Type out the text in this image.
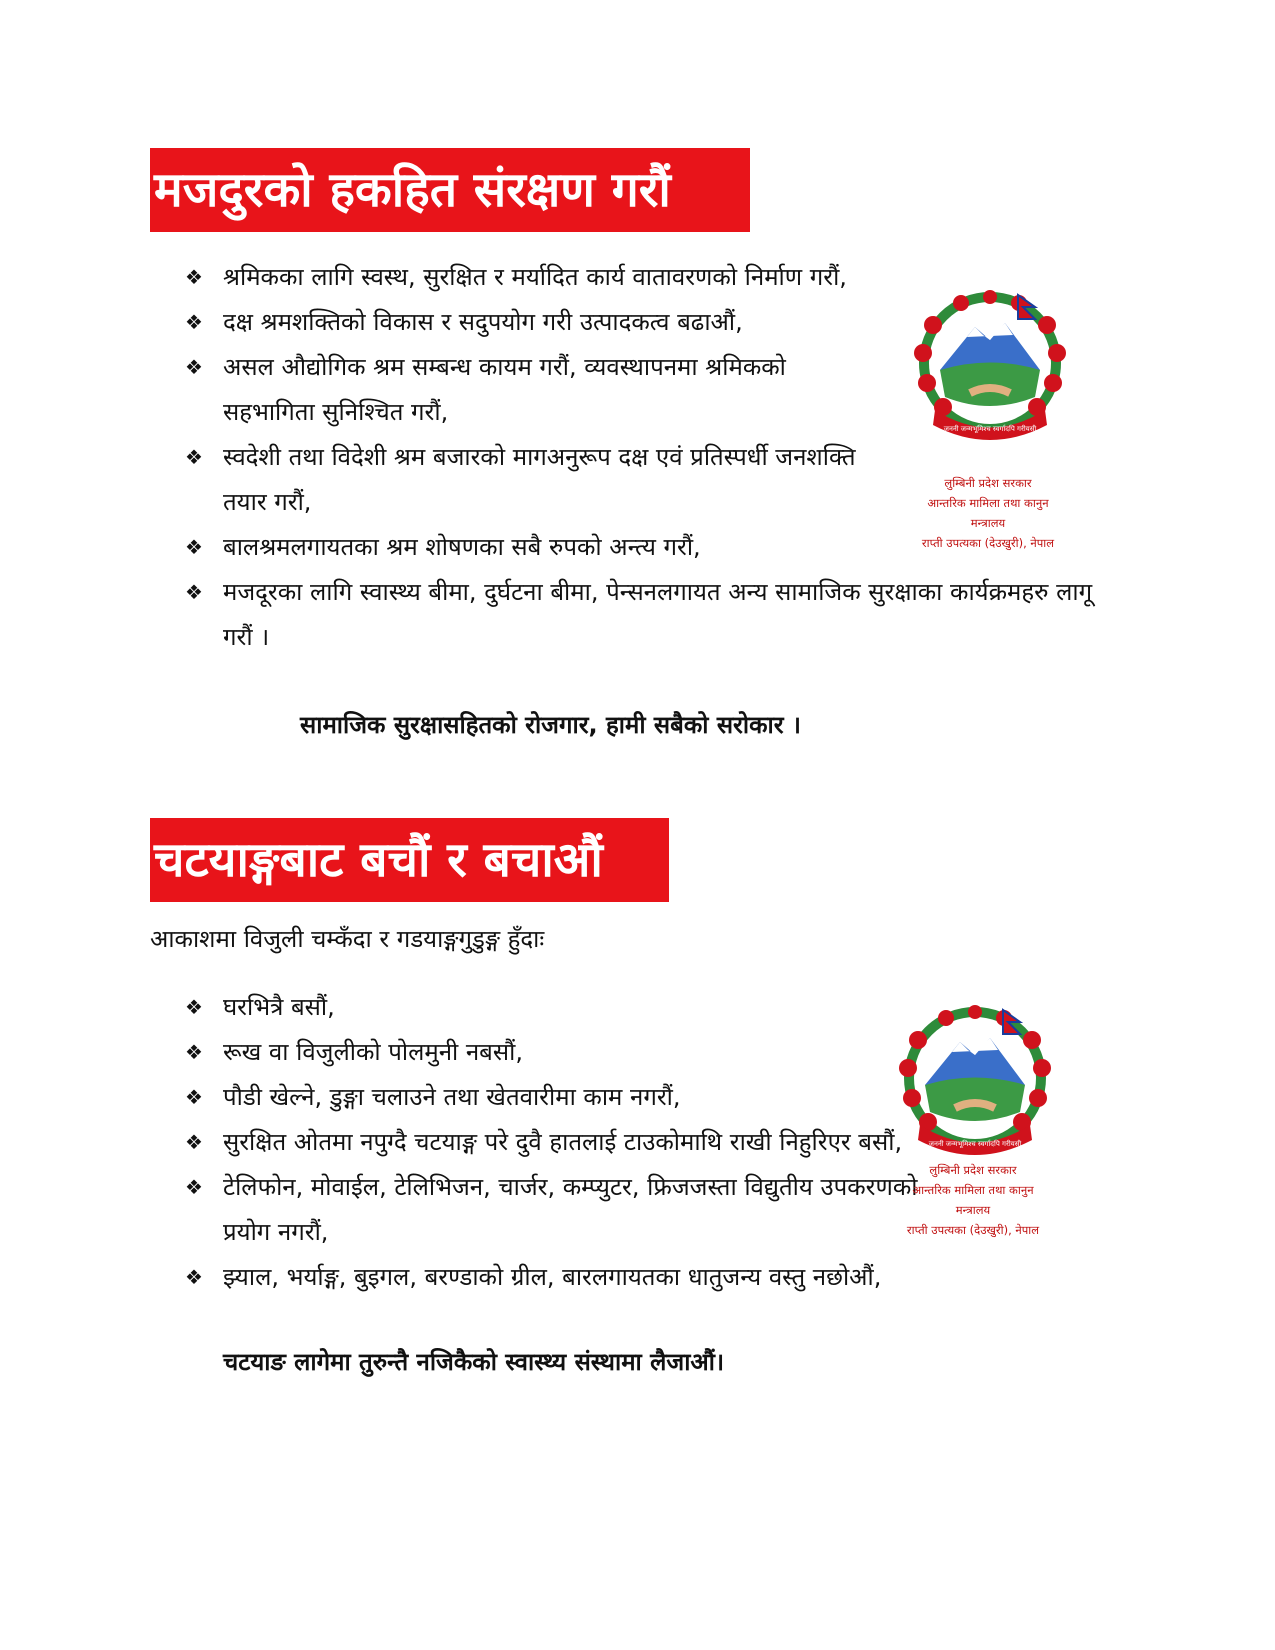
मजदुरको हकहित संरक्षण गरौं
❖ श्रमिकका लागि स्वस्थ, सुरक्षित र मर्यादित कार्य वातावरणको निर्माण गरौं,
❖ दक्ष श्रमशक्तिको विकास र सदुपयोग गरी उत्पादकत्व बढाऔं,
❖ असल औद्योगिक श्रम सम्बन्ध कायम गरौं, व्यवस्थापनमा श्रमिकको सहभागिता सुनिश्चित गरौं,
❖ स्वदेशी तथा विदेशी श्रम बजारको मागअनुरूप दक्ष एवं प्रतिस्पर्धी जनशक्ति तयार गरौं,
❖ बालश्रमलगायतका श्रम शोषणका सबै रुपको अन्त्य गरौं,
❖ मजदूरका लागि स्वास्थ्य बीमा, दुर्घटना बीमा, पेन्सनलगायत अन्य सामाजिक सुरक्षाका कार्यक्रमहरु लागू गरौं ।
सामाजिक सुरक्षासहितको रोजगार, हामी सबैको सरोकार ।
जननी जन्मभूमिश्च स्वर्गादपि गरीयसी
लुम्बिनी प्रदेश सरकार
आन्तरिक मामिला तथा कानुन
मन्त्रालय
राप्ती उपत्यका (देउखुरी), नेपाल
चटयाङ्गबाट बचौं र बचाऔं
आकाशमा विजुली चम्कँदा र गडयाङ्गगुडुङ्ग हुँदाः
❖ घरभित्रै बसौं,
❖ रूख वा विजुलीको पोलमुनी नबसौं,
❖ पौडी खेल्ने, डुङ्गा चलाउने तथा खेतवारीमा काम नगरौं,
❖ सुरक्षित ओतमा नपुग्दै चटयाङ्ग परे दुवै हातलाई टाउकोमाथि राखी निहुरिएर बसौं,
❖ टेलिफोन, मोवाईल, टेलिभिजन, चार्जर, कम्प्युटर, फ्रिजजस्ता विद्युतीय उपकरणको प्रयोग नगरौं,
❖ झ्याल, भर्याङ्ग, बुइगल, बरण्डाको ग्रील, बारलगायतका धातुजन्य वस्तु नछोऔं,
चटयाङ लागेमा तुरुन्तै नजिकैको स्वास्थ्य संस्थामा लैजाऔं।
जननी जन्मभूमिश्च स्वर्गादपि गरीयसी
लुम्बिनी प्रदेश सरकार
आन्तरिक मामिला तथा कानुन
मन्त्रालय
राप्ती उपत्यका (देउखुरी), नेपाल
